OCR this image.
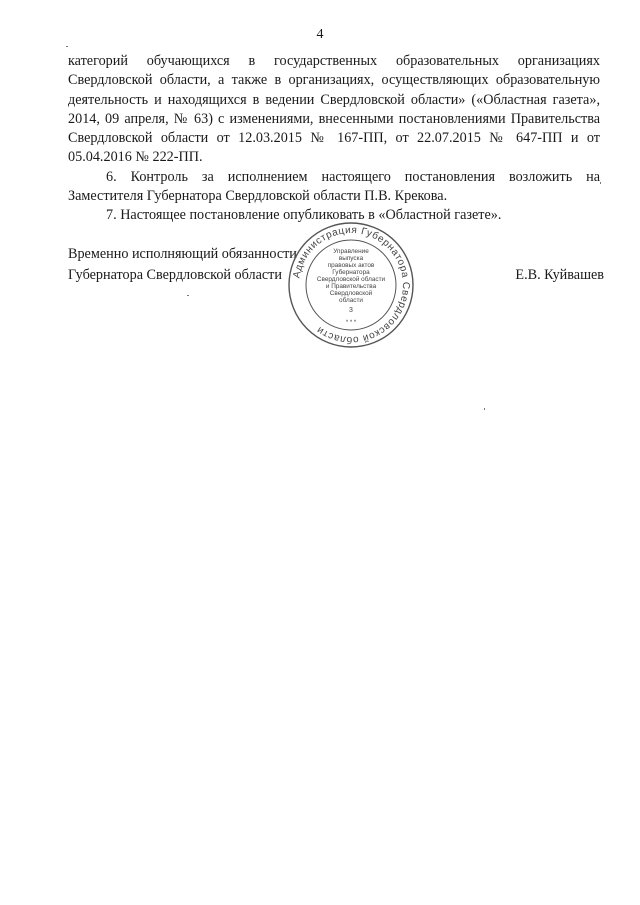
4

категорий обучающихся в государственных образовательных организациях Свердловской области, а также в организациях, осуществляющих образовательную деятельность и находящихся в ведении Свердловской области» («Областная газета», 2014, 09 апреля, № 63) с изменениями, внесенными постановлениями Правительства Свердловской области от 12.03.2015 № 167-ПП, от 22.07.2015 № 647-ПП и от 05.04.2016 № 222-ПП.

6. Контроль за исполнением настоящего постановления возложить на Заместителя Губернатора Свердловской области П.В. Крекова.

7. Настоящее постановление опубликовать в «Областной газете».

Временно исполняющий обязанности
Губернатора Свердловской области	Е.В. Куйвашев
Администрация Губернатора Свердловской области
Управление
выпуска
правовых актов
Губернатора
Свердловской области
и Правительства
Свердловской
области
3
* * *
